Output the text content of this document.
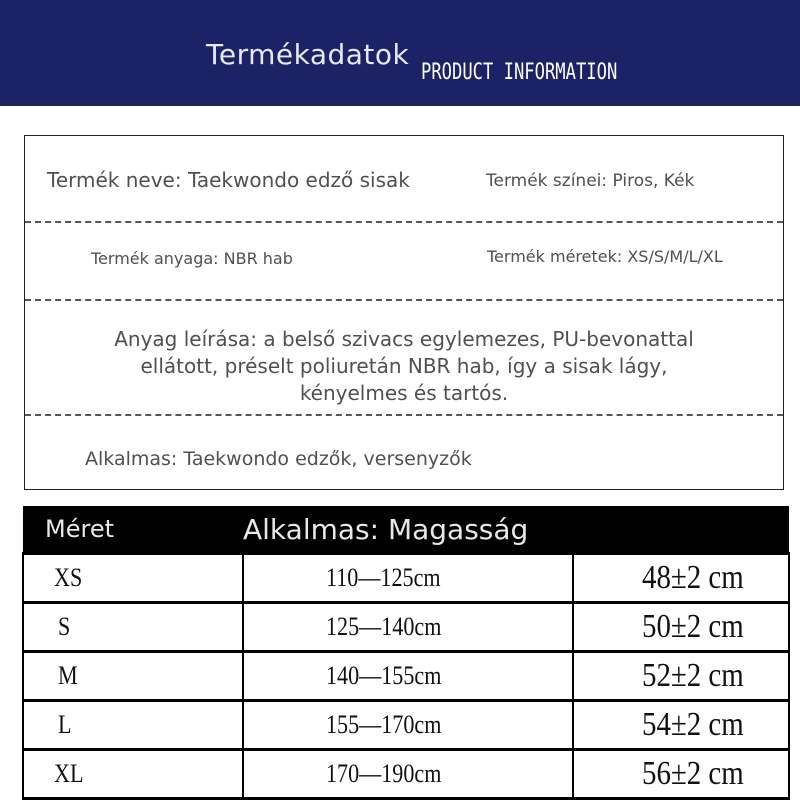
Termékadatok
PRODUCT INFORMATION
Termék neve: Taekwondo edző sisak	Termék színei: Piros, Kék
Termék anyaga: NBR hab	Termék méretek: XS/S/M/L/XL
Anyag leírása: a belső szivacs egylemezes, PU-bevonattal
ellátott, préselt poliuretán NBR hab, így a sisak lágy,
kényelmes és tartós.
Alkalmas: Taekwondo edzők, versenyzők
Méret	Alkalmas: Magasság	
XS	110—125cm	48±2 cm
S	125—140cm	50±2 cm
M	140—155cm	52±2 cm
L	155—170cm	54±2 cm
XL	170—190cm	56±2 cm
